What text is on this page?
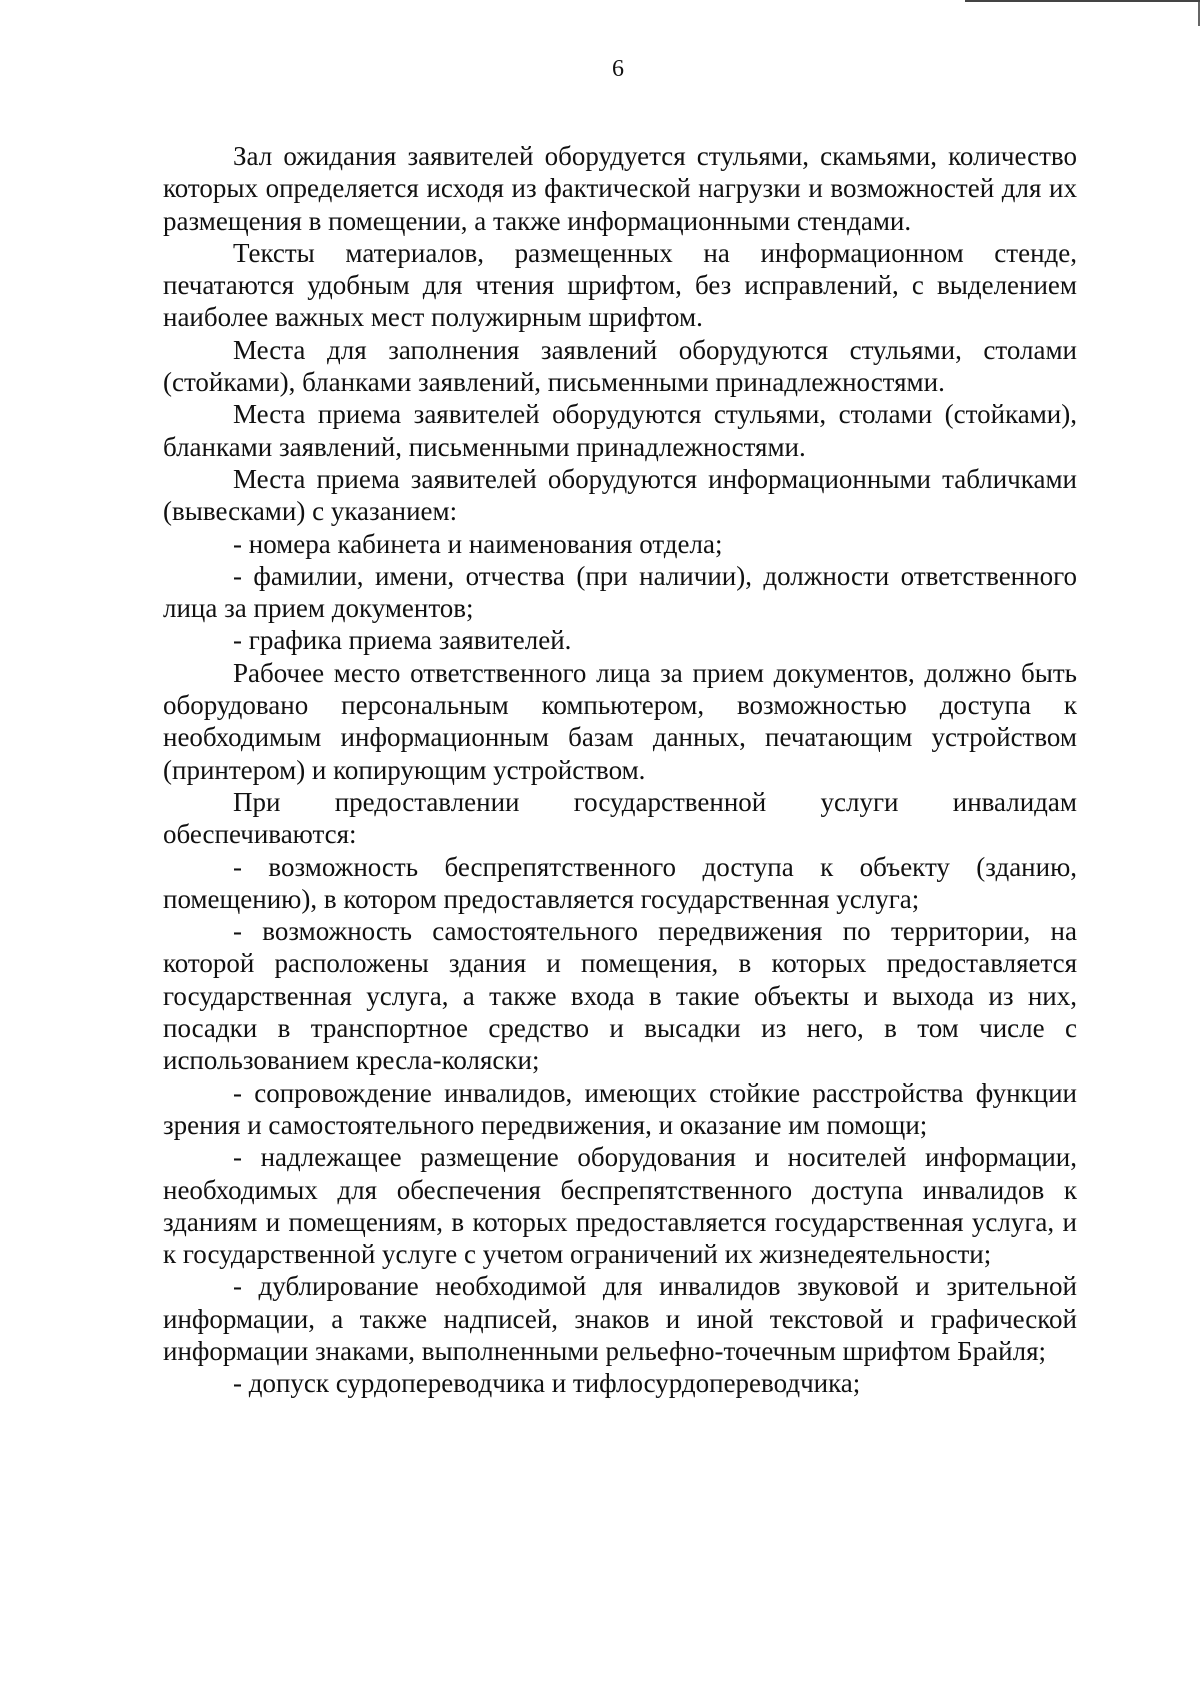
6

Зал ожидания заявителей оборудуется стульями, скамьями, количество которых определяется исходя из фактической нагрузки и возможностей для их размещения в помещении, а также информационными стендами.

Тексты материалов, размещенных на информационном стенде, печатаются удобным для чтения шрифтом, без исправлений, с выделением наиболее важных мест полужирным шрифтом.

Места для заполнения заявлений оборудуются стульями, столами (стойками), бланками заявлений, письменными принадлежностями.

Места приема заявителей оборудуются стульями, столами (стойками), бланками заявлений, письменными принадлежностями.

Места приема заявителей оборудуются информационными табличками (вывесками) с указанием:

- номера кабинета и наименования отдела;

- фамилии, имени, отчества (при наличии), должности ответственного лица за прием документов;

- графика приема заявителей.

Рабочее место ответственного лица за прием документов, должно быть оборудовано персональным компьютером, возможностью доступа к необходимым информационным базам данных, печатающим устройством (принтером) и копирующим устройством.

При предоставлении государственной услуги инвалидам обеспечиваются:

- возможность беспрепятственного доступа к объекту (зданию, помещению), в котором предоставляется государственная услуга;

- возможность самостоятельного передвижения по территории, на которой расположены здания и помещения, в которых предоставляется государственная услуга, а также входа в такие объекты и выхода из них, посадки в транспортное средство и высадки из него, в том числе с использованием кресла-коляски;

- сопровождение инвалидов, имеющих стойкие расстройства функции зрения и самостоятельного передвижения, и оказание им помощи;

- надлежащее размещение оборудования и носителей информации, необходимых для обеспечения беспрепятственного доступа инвалидов к зданиям и помещениям, в которых предоставляется государственная услуга, и к государственной услуге с учетом ограничений их жизнедеятельности;

- дублирование необходимой для инвалидов звуковой и зрительной информации, а также надписей, знаков и иной текстовой и графической информации знаками, выполненными рельефно-точечным шрифтом Брайля;

- допуск сурдопереводчика и тифлосурдопереводчика;
